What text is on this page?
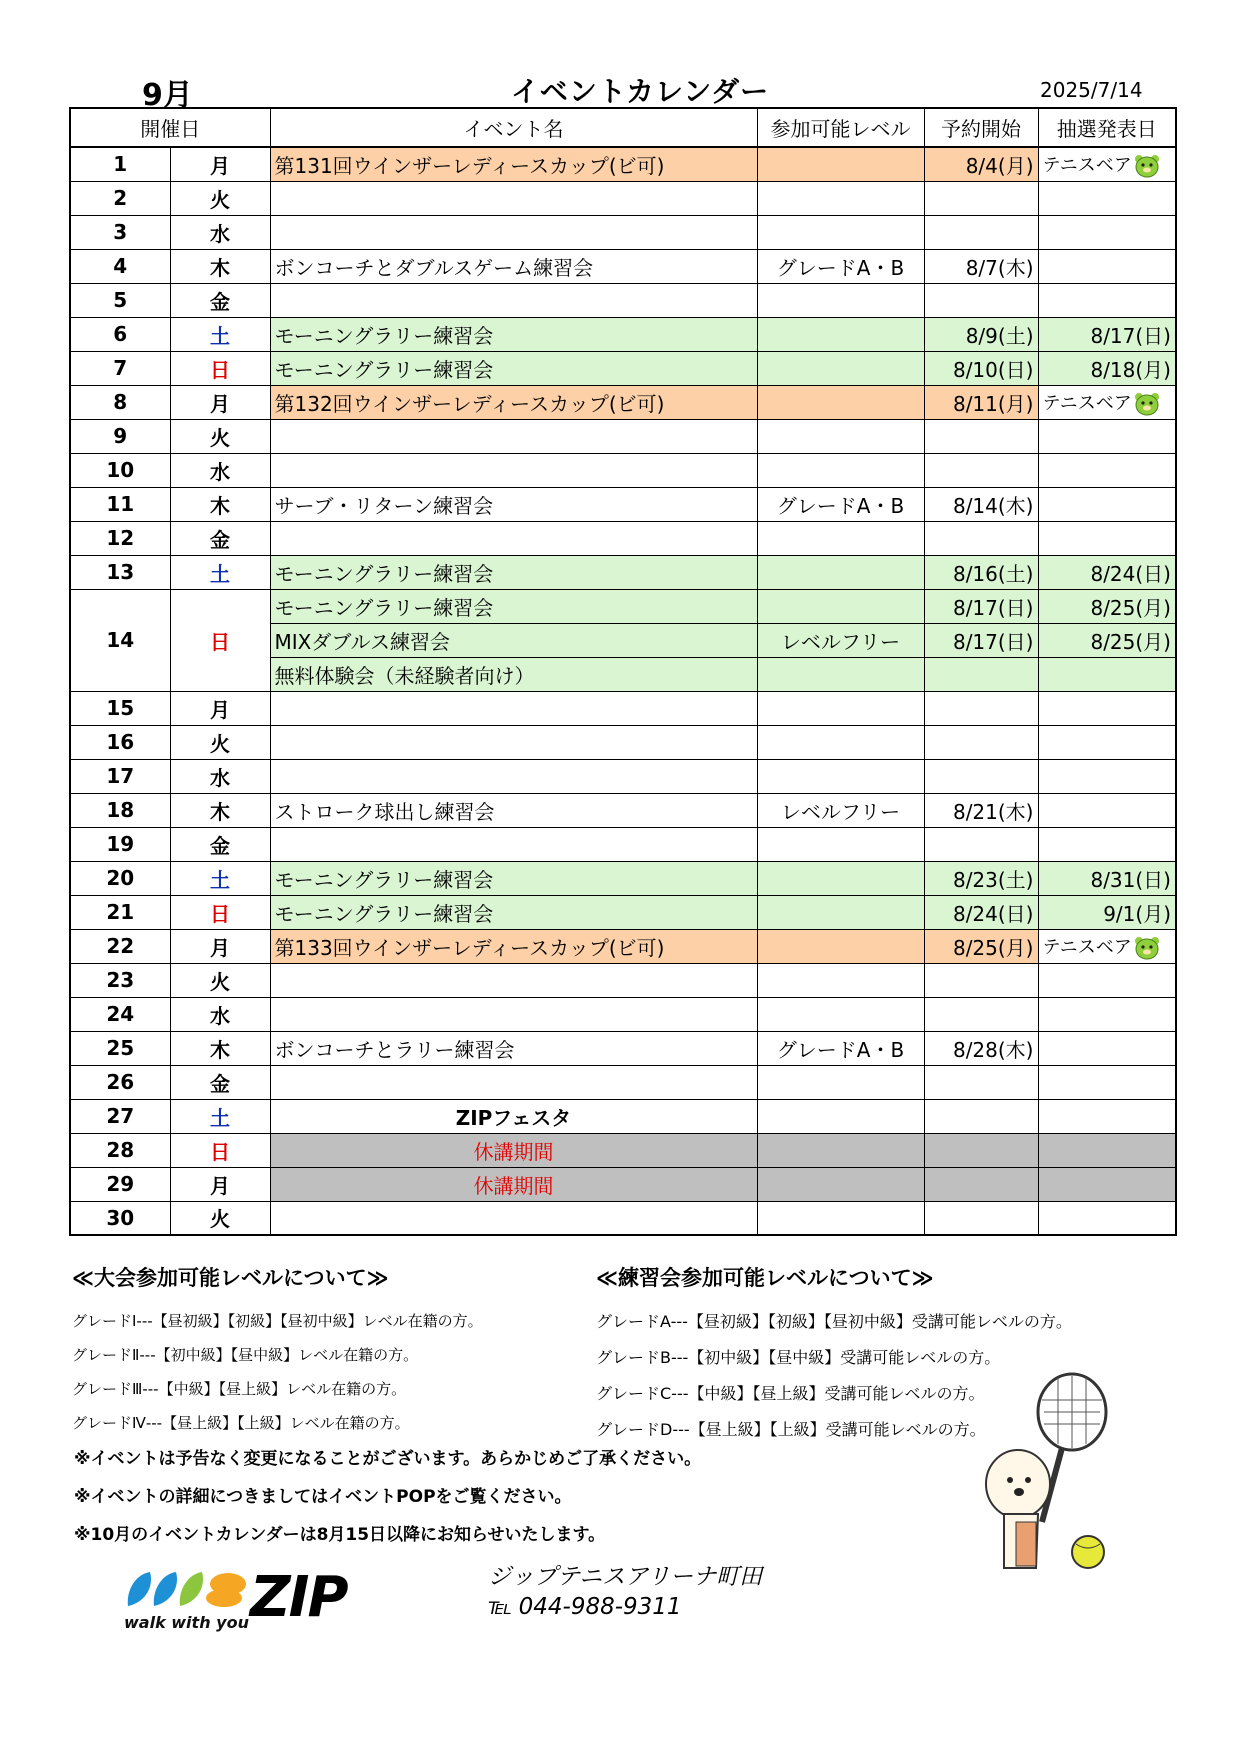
9月	イベントカレンダー	2025/7/14
開催日		イベント名	参加可能レベル	予約開始	抽選発表日
1	月	第131回ウインザーレディースカップ(ビ可)		8/4(月)	テニスベア
2	火				
3	水				
4	木	ボンコーチとダブルスゲーム練習会	グレードA・B	8/7(木)	
5	金				
6	土	モーニングラリー練習会		8/9(土)	8/17(日)
7	日	モーニングラリー練習会		8/10(日)	8/18(月)
8	月	第132回ウインザーレディースカップ(ビ可)		8/11(月)	テニスベア
9	火				
10	水				
11	木	サーブ・リターン練習会	グレードA・B	8/14(木)	
12	金				
13	土	モーニングラリー練習会		8/16(土)	8/24(日)
14	日	モーニングラリー練習会		8/17(日)	8/25(月)
		MIXダブルス練習会	レベルフリー	8/17(日)	8/25(月)
		無料体験会（未経験者向け）			
15	月				
16	火				
17	水				
18	木	ストローク球出し練習会	レベルフリー	8/21(木)	
19	金				
20	土	モーニングラリー練習会		8/23(土)	8/31(日)
21	日	モーニングラリー練習会		8/24(日)	9/1(月)
22	月	第133回ウインザーレディースカップ(ビ可)		8/25(月)	テニスベア
23	火				
24	水				
25	木	ボンコーチとラリー練習会	グレードA・B	8/28(木)	
26	金				
27	土	ZIPフェスタ			
28	日	休講期間			
29	月	休講期間			
30	火				
≪大会参加可能レベルについて≫
グレードⅠ---【昼初級】【初級】【昼初中級】レベル在籍の方。
グレードⅡ---【初中級】【昼中級】レベル在籍の方。
グレードⅢ---【中級】【昼上級】レベル在籍の方。
グレードⅣ---【昼上級】【上級】レベル在籍の方。
≪練習会参加可能レベルについて≫
グレードA---【昼初級】【初級】【昼初中級】受講可能レベルの方。
グレードB---【初中級】【昼中級】受講可能レベルの方。
グレードC---【中級】【昼上級】受講可能レベルの方。
グレードD---【昼上級】【上級】受講可能レベルの方。
※イベントは予告なく変更になることがございます。あらかじめご了承ください。
※イベントの詳細につきましてはイベントPOPをご覧ください。
※10月のイベントカレンダーは8月15日以降にお知らせいたします。
walk with you ZIP	ジップテニスアリーナ町田
℡ 044-988-9311
